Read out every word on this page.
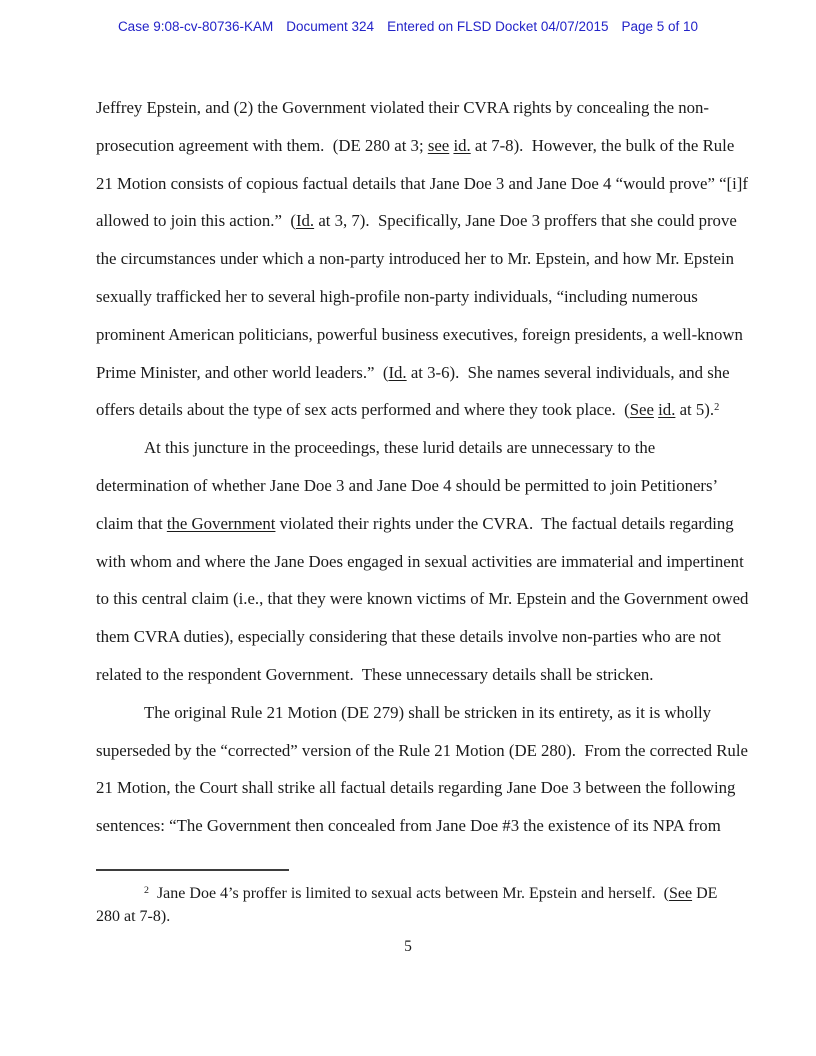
Case 9:08-cv-80736-KAM Document 324 Entered on FLSD Docket 04/07/2015 Page 5 of 10
Jeffrey Epstein, and (2) the Government violated their CVRA rights by concealing the non-
prosecution agreement with them.  (DE 280 at 3; see id. at 7-8).  However, the bulk of the Rule
21 Motion consists of copious factual details that Jane Doe 3 and Jane Doe 4 “would prove” “[i]f
allowed to join this action.”  (Id. at 3, 7).  Specifically, Jane Doe 3 proffers that she could prove
the circumstances under which a non-party introduced her to Mr. Epstein, and how Mr. Epstein
sexually trafficked her to several high-profile non-party individuals, “including numerous
prominent American politicians, powerful business executives, foreign presidents, a well-known
Prime Minister, and other world leaders.”  (Id. at 3-6).  She names several individuals, and she
offers details about the type of sex acts performed and where they took place.  (See id. at 5).$^2$
At this juncture in the proceedings, these lurid details are unnecessary to the
determination of whether Jane Doe 3 and Jane Doe 4 should be permitted to join Petitioners’
claim that the Government violated their rights under the CVRA.  The factual details regarding
with whom and where the Jane Does engaged in sexual activities are immaterial and impertinent
to this central claim (i.e., that they were known victims of Mr. Epstein and the Government owed
them CVRA duties), especially considering that these details involve non-parties who are not
related to the respondent Government.  These unnecessary details shall be stricken.
The original Rule 21 Motion (DE 279) shall be stricken in its entirety, as it is wholly
superseded by the “corrected” version of the Rule 21 Motion (DE 280).  From the corrected Rule
21 Motion, the Court shall strike all factual details regarding Jane Doe 3 between the following
sentences: “The Government then concealed from Jane Doe #3 the existence of its NPA from
$^2$  Jane Doe 4’s proffer is limited to sexual acts between Mr. Epstein and herself.  (See DE
280 at 7-8).
5
